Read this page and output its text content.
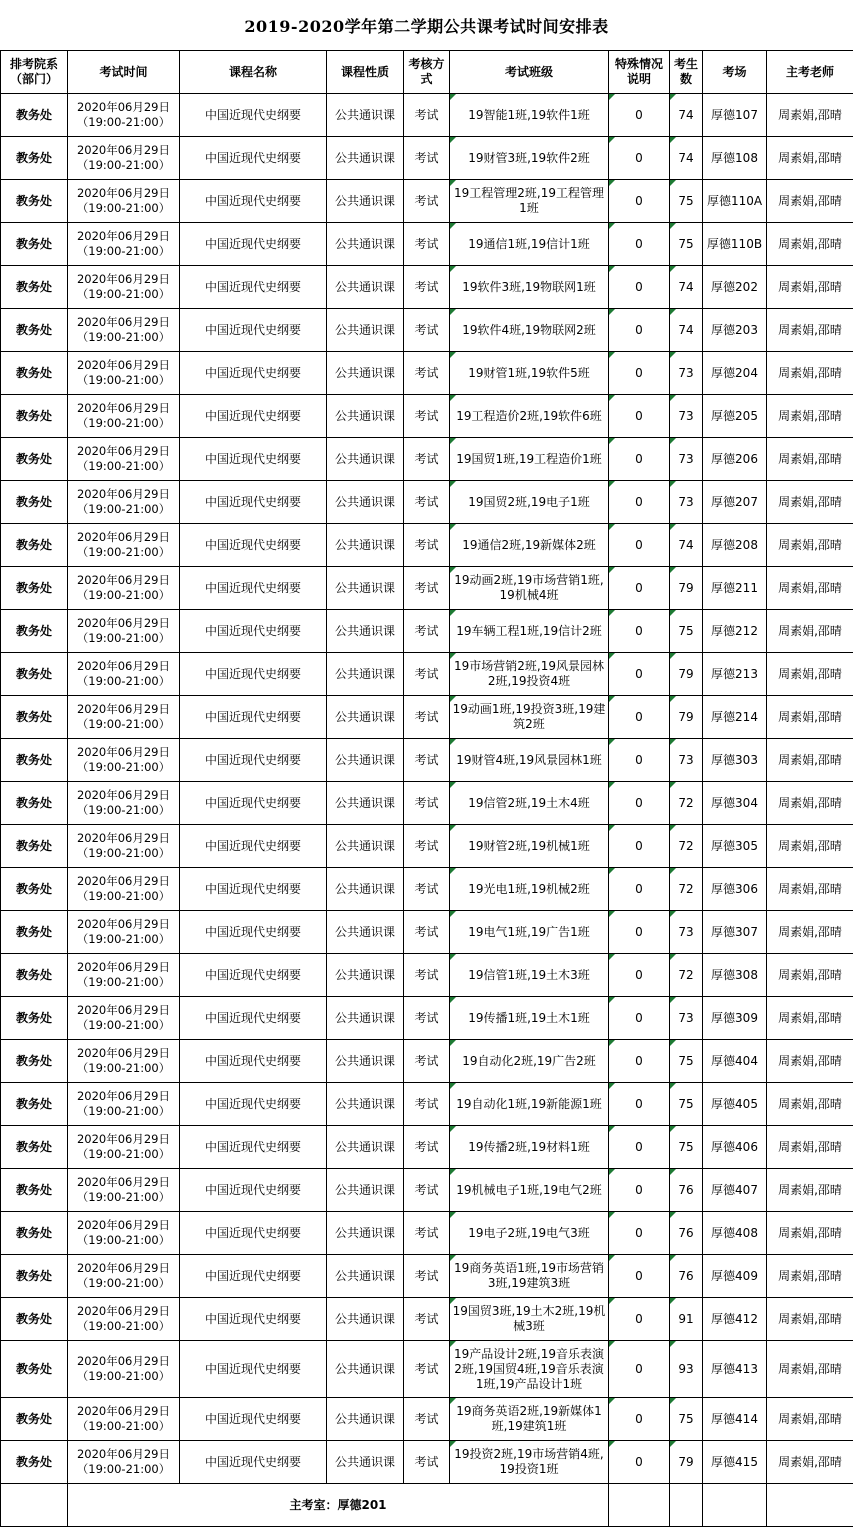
2019-2020学年第二学期公共课考试时间安排表
排考院系（部门）	考试时间	课程名称	课程性质	考核方式	考试班级	特殊情况说明	考生数	考场	主考老师
教务处	2020年06月29日
（19:00-21:00）	中国近现代史纲要	公共通识课	考试	19智能1班,19软件1班	0	74	厚德107	周素娟,邵晴
教务处	2020年06月29日
（19:00-21:00）	中国近现代史纲要	公共通识课	考试	19财管3班,19软件2班	0	74	厚德108	周素娟,邵晴
教务处	2020年06月29日
（19:00-21:00）	中国近现代史纲要	公共通识课	考试	19工程管理2班,19工程管理1班	0	75	厚德110A	周素娟,邵晴
教务处	2020年06月29日
（19:00-21:00）	中国近现代史纲要	公共通识课	考试	19通信1班,19信计1班	0	75	厚德110B	周素娟,邵晴
教务处	2020年06月29日
（19:00-21:00）	中国近现代史纲要	公共通识课	考试	19软件3班,19物联网1班	0	74	厚德202	周素娟,邵晴
教务处	2020年06月29日
（19:00-21:00）	中国近现代史纲要	公共通识课	考试	19软件4班,19物联网2班	0	74	厚德203	周素娟,邵晴
教务处	2020年06月29日
（19:00-21:00）	中国近现代史纲要	公共通识课	考试	19财管1班,19软件5班	0	73	厚德204	周素娟,邵晴
教务处	2020年06月29日
（19:00-21:00）	中国近现代史纲要	公共通识课	考试	19工程造价2班,19软件6班	0	73	厚德205	周素娟,邵晴
教务处	2020年06月29日
（19:00-21:00）	中国近现代史纲要	公共通识课	考试	19国贸1班,19工程造价1班	0	73	厚德206	周素娟,邵晴
教务处	2020年06月29日
（19:00-21:00）	中国近现代史纲要	公共通识课	考试	19国贸2班,19电子1班	0	73	厚德207	周素娟,邵晴
教务处	2020年06月29日
（19:00-21:00）	中国近现代史纲要	公共通识课	考试	19通信2班,19新媒体2班	0	74	厚德208	周素娟,邵晴
教务处	2020年06月29日
（19:00-21:00）	中国近现代史纲要	公共通识课	考试	19动画2班,19市场营销1班,19机械4班	0	79	厚德211	周素娟,邵晴
教务处	2020年06月29日
（19:00-21:00）	中国近现代史纲要	公共通识课	考试	19车辆工程1班,19信计2班	0	75	厚德212	周素娟,邵晴
教务处	2020年06月29日
（19:00-21:00）	中国近现代史纲要	公共通识课	考试	19市场营销2班,19风景园林2班,19投资4班	0	79	厚德213	周素娟,邵晴
教务处	2020年06月29日
（19:00-21:00）	中国近现代史纲要	公共通识课	考试	19动画1班,19投资3班,19建筑2班	0	79	厚德214	周素娟,邵晴
教务处	2020年06月29日
（19:00-21:00）	中国近现代史纲要	公共通识课	考试	19财管4班,19风景园林1班	0	73	厚德303	周素娟,邵晴
教务处	2020年06月29日
（19:00-21:00）	中国近现代史纲要	公共通识课	考试	19信管2班,19土木4班	0	72	厚德304	周素娟,邵晴
教务处	2020年06月29日
（19:00-21:00）	中国近现代史纲要	公共通识课	考试	19财管2班,19机械1班	0	72	厚德305	周素娟,邵晴
教务处	2020年06月29日
（19:00-21:00）	中国近现代史纲要	公共通识课	考试	19光电1班,19机械2班	0	72	厚德306	周素娟,邵晴
教务处	2020年06月29日
（19:00-21:00）	中国近现代史纲要	公共通识课	考试	19电气1班,19广告1班	0	73	厚德307	周素娟,邵晴
教务处	2020年06月29日
（19:00-21:00）	中国近现代史纲要	公共通识课	考试	19信管1班,19土木3班	0	72	厚德308	周素娟,邵晴
教务处	2020年06月29日
（19:00-21:00）	中国近现代史纲要	公共通识课	考试	19传播1班,19土木1班	0	73	厚德309	周素娟,邵晴
教务处	2020年06月29日
（19:00-21:00）	中国近现代史纲要	公共通识课	考试	19自动化2班,19广告2班	0	75	厚德404	周素娟,邵晴
教务处	2020年06月29日
（19:00-21:00）	中国近现代史纲要	公共通识课	考试	19自动化1班,19新能源1班	0	75	厚德405	周素娟,邵晴
教务处	2020年06月29日
（19:00-21:00）	中国近现代史纲要	公共通识课	考试	19传播2班,19材料1班	0	75	厚德406	周素娟,邵晴
教务处	2020年06月29日
（19:00-21:00）	中国近现代史纲要	公共通识课	考试	19机械电子1班,19电气2班	0	76	厚德407	周素娟,邵晴
教务处	2020年06月29日
（19:00-21:00）	中国近现代史纲要	公共通识课	考试	19电子2班,19电气3班	0	76	厚德408	周素娟,邵晴
教务处	2020年06月29日
（19:00-21:00）	中国近现代史纲要	公共通识课	考试	19商务英语1班,19市场营销3班,19建筑3班	0	76	厚德409	周素娟,邵晴
教务处	2020年06月29日
（19:00-21:00）	中国近现代史纲要	公共通识课	考试	19国贸3班,19土木2班,19机械3班	0	91	厚德412	周素娟,邵晴
教务处	2020年06月29日
（19:00-21:00）	中国近现代史纲要	公共通识课	考试	19产品设计2班,19音乐表演2班,19国贸4班,19音乐表演1班,19产品设计1班	0	93	厚德413	周素娟,邵晴
教务处	2020年06月29日
（19:00-21:00）	中国近现代史纲要	公共通识课	考试	19商务英语2班,19新媒体1班,19建筑1班	0	75	厚德414	周素娟,邵晴
教务处	2020年06月29日
（19:00-21:00）	中国近现代史纲要	公共通识课	考试	19投资2班,19市场营销4班,19投资1班	0	79	厚德415	周素娟,邵晴
	主考室：厚德201								
